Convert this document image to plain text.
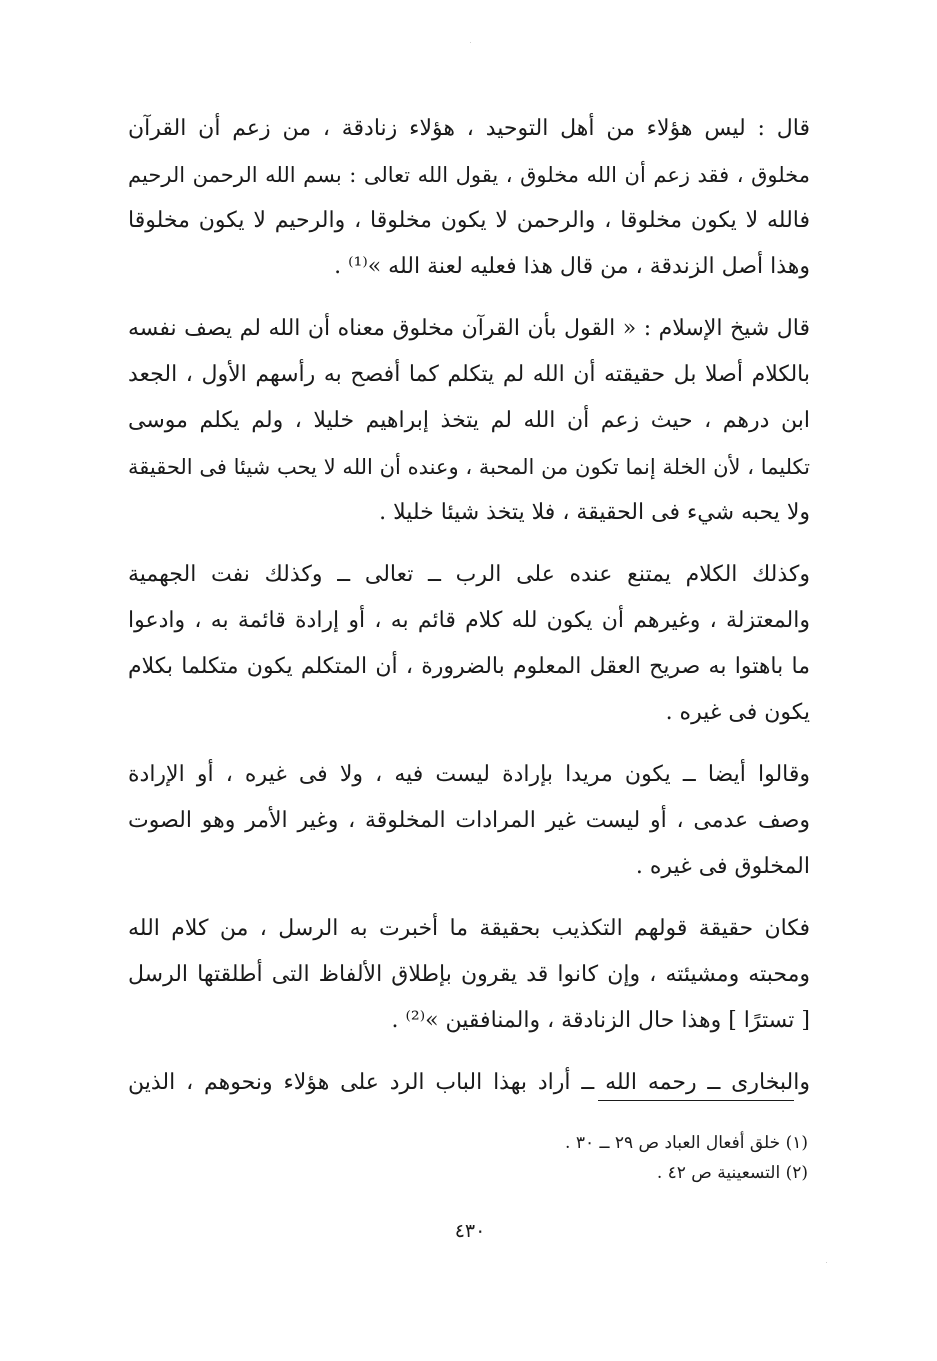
قال : ليس هؤلاء من أهل التوحيد ، هؤلاء زنادقة ، من زعم أن القرآن
مخلوق ، فقد زعم أن الله مخلوق ، يقول الله تعالى : بسم الله الرحمن الرحيم
فالله لا يكون مخلوقا ، والرحمن لا يكون مخلوقا ، والرحيم لا يكون مخلوقا
وهذا أصل الزندقة ، من قال هذا فعليه لعنة الله »⁽¹⁾ .
قال شيخ الإسلام : « القول بأن القرآن مخلوق معناه أن الله لم يصف نفسه
بالكلام أصلا بل حقيقته أن الله لم يتكلم كما أفصح به رأسهم الأول ، الجعد
ابن درهم ، حيث زعم أن الله لم يتخذ إبراهيم خليلا ، ولم يكلم موسى
تكليما ، لأن الخلة إنما تكون من المحبة ، وعنده أن الله لا يحب شيئا فى الحقيقة
ولا يحبه شيء فى الحقيقة ، فلا يتخذ شيئا خليلا .
وكذلك الكلام يمتنع عنده على الرب ــ تعالى ــ وكذلك نفت الجهمية
والمعتزلة ، وغيرهم أن يكون لله كلام قائم به ، أو إرادة قائمة به ، وادعوا
ما باهتوا به صريح العقل المعلوم بالضرورة ، أن المتكلم يكون متكلما بكلام
يكون فى غيره .
وقالوا أيضا ــ يكون مريدا بإرادة ليست فيه ، ولا فى غيره ، أو الإرادة
وصف عدمى ، أو ليست غير المرادات المخلوقة ، وغير الأمر وهو الصوت
المخلوق فى غيره .
فكان حقيقة قولهم التكذيب بحقيقة ما أخبرت به الرسل ، من كلام الله
ومحبته ومشيئته ، وإن كانوا قد يقرون بإطلاق الألفاظ التى أطلقتها الرسل
[ تسترًا ] وهذا حال الزنادقة ، والمنافقين »⁽²⁾ .
والبخارى ــ رحمه الله ــ أراد بهذا الباب الرد على هؤلاء ونحوهم ، الذين
(١) خلق أفعال العباد ص ٢٩ ــ ٣٠ .
(٢) التسعينية ص ٤٢ .
٤٣٠
